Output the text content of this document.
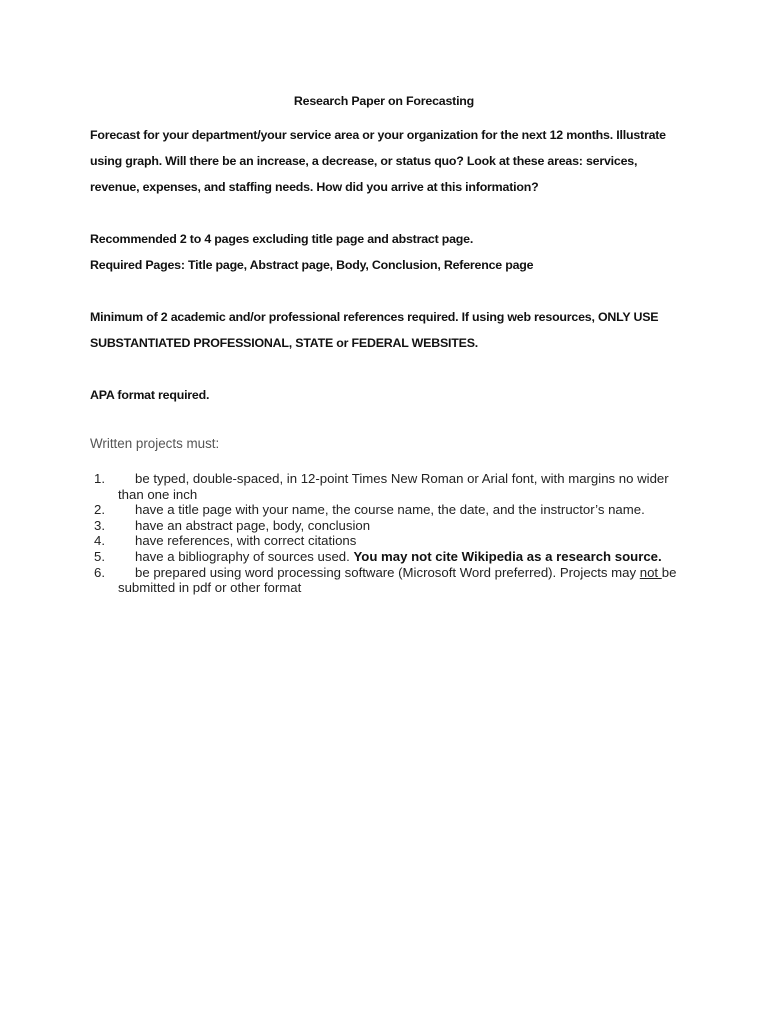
Research Paper on Forecasting
Forecast for your department/your service area or your organization for the next 12 months. Illustrate
using graph. Will there be an increase, a decrease, or status quo? Look at these areas: services,
revenue, expenses, and staffing needs. How did you arrive at this information?
Recommended 2 to 4 pages excluding title page and abstract page.
Required Pages: Title page, Abstract page, Body, Conclusion, Reference page
Minimum of 2 academic and/or professional references required. If using web resources, ONLY USE
SUBSTANTIATED PROFESSIONAL, STATE or FEDERAL WEBSITES.
APA format required.
Written projects must:
1.	be typed, double-spaced, in 12-point Times New Roman or Arial font, with margins no wider than one inch
2.	have a title page with your name, the course name, the date, and the instructor’s name.
3.	have an abstract page, body, conclusion
4.	have references, with correct citations
5.	have a bibliography of sources used. You may not cite Wikipedia as a research source.
6.	be prepared using word processing software (Microsoft Word preferred). Projects may not be submitted in pdf or other format
